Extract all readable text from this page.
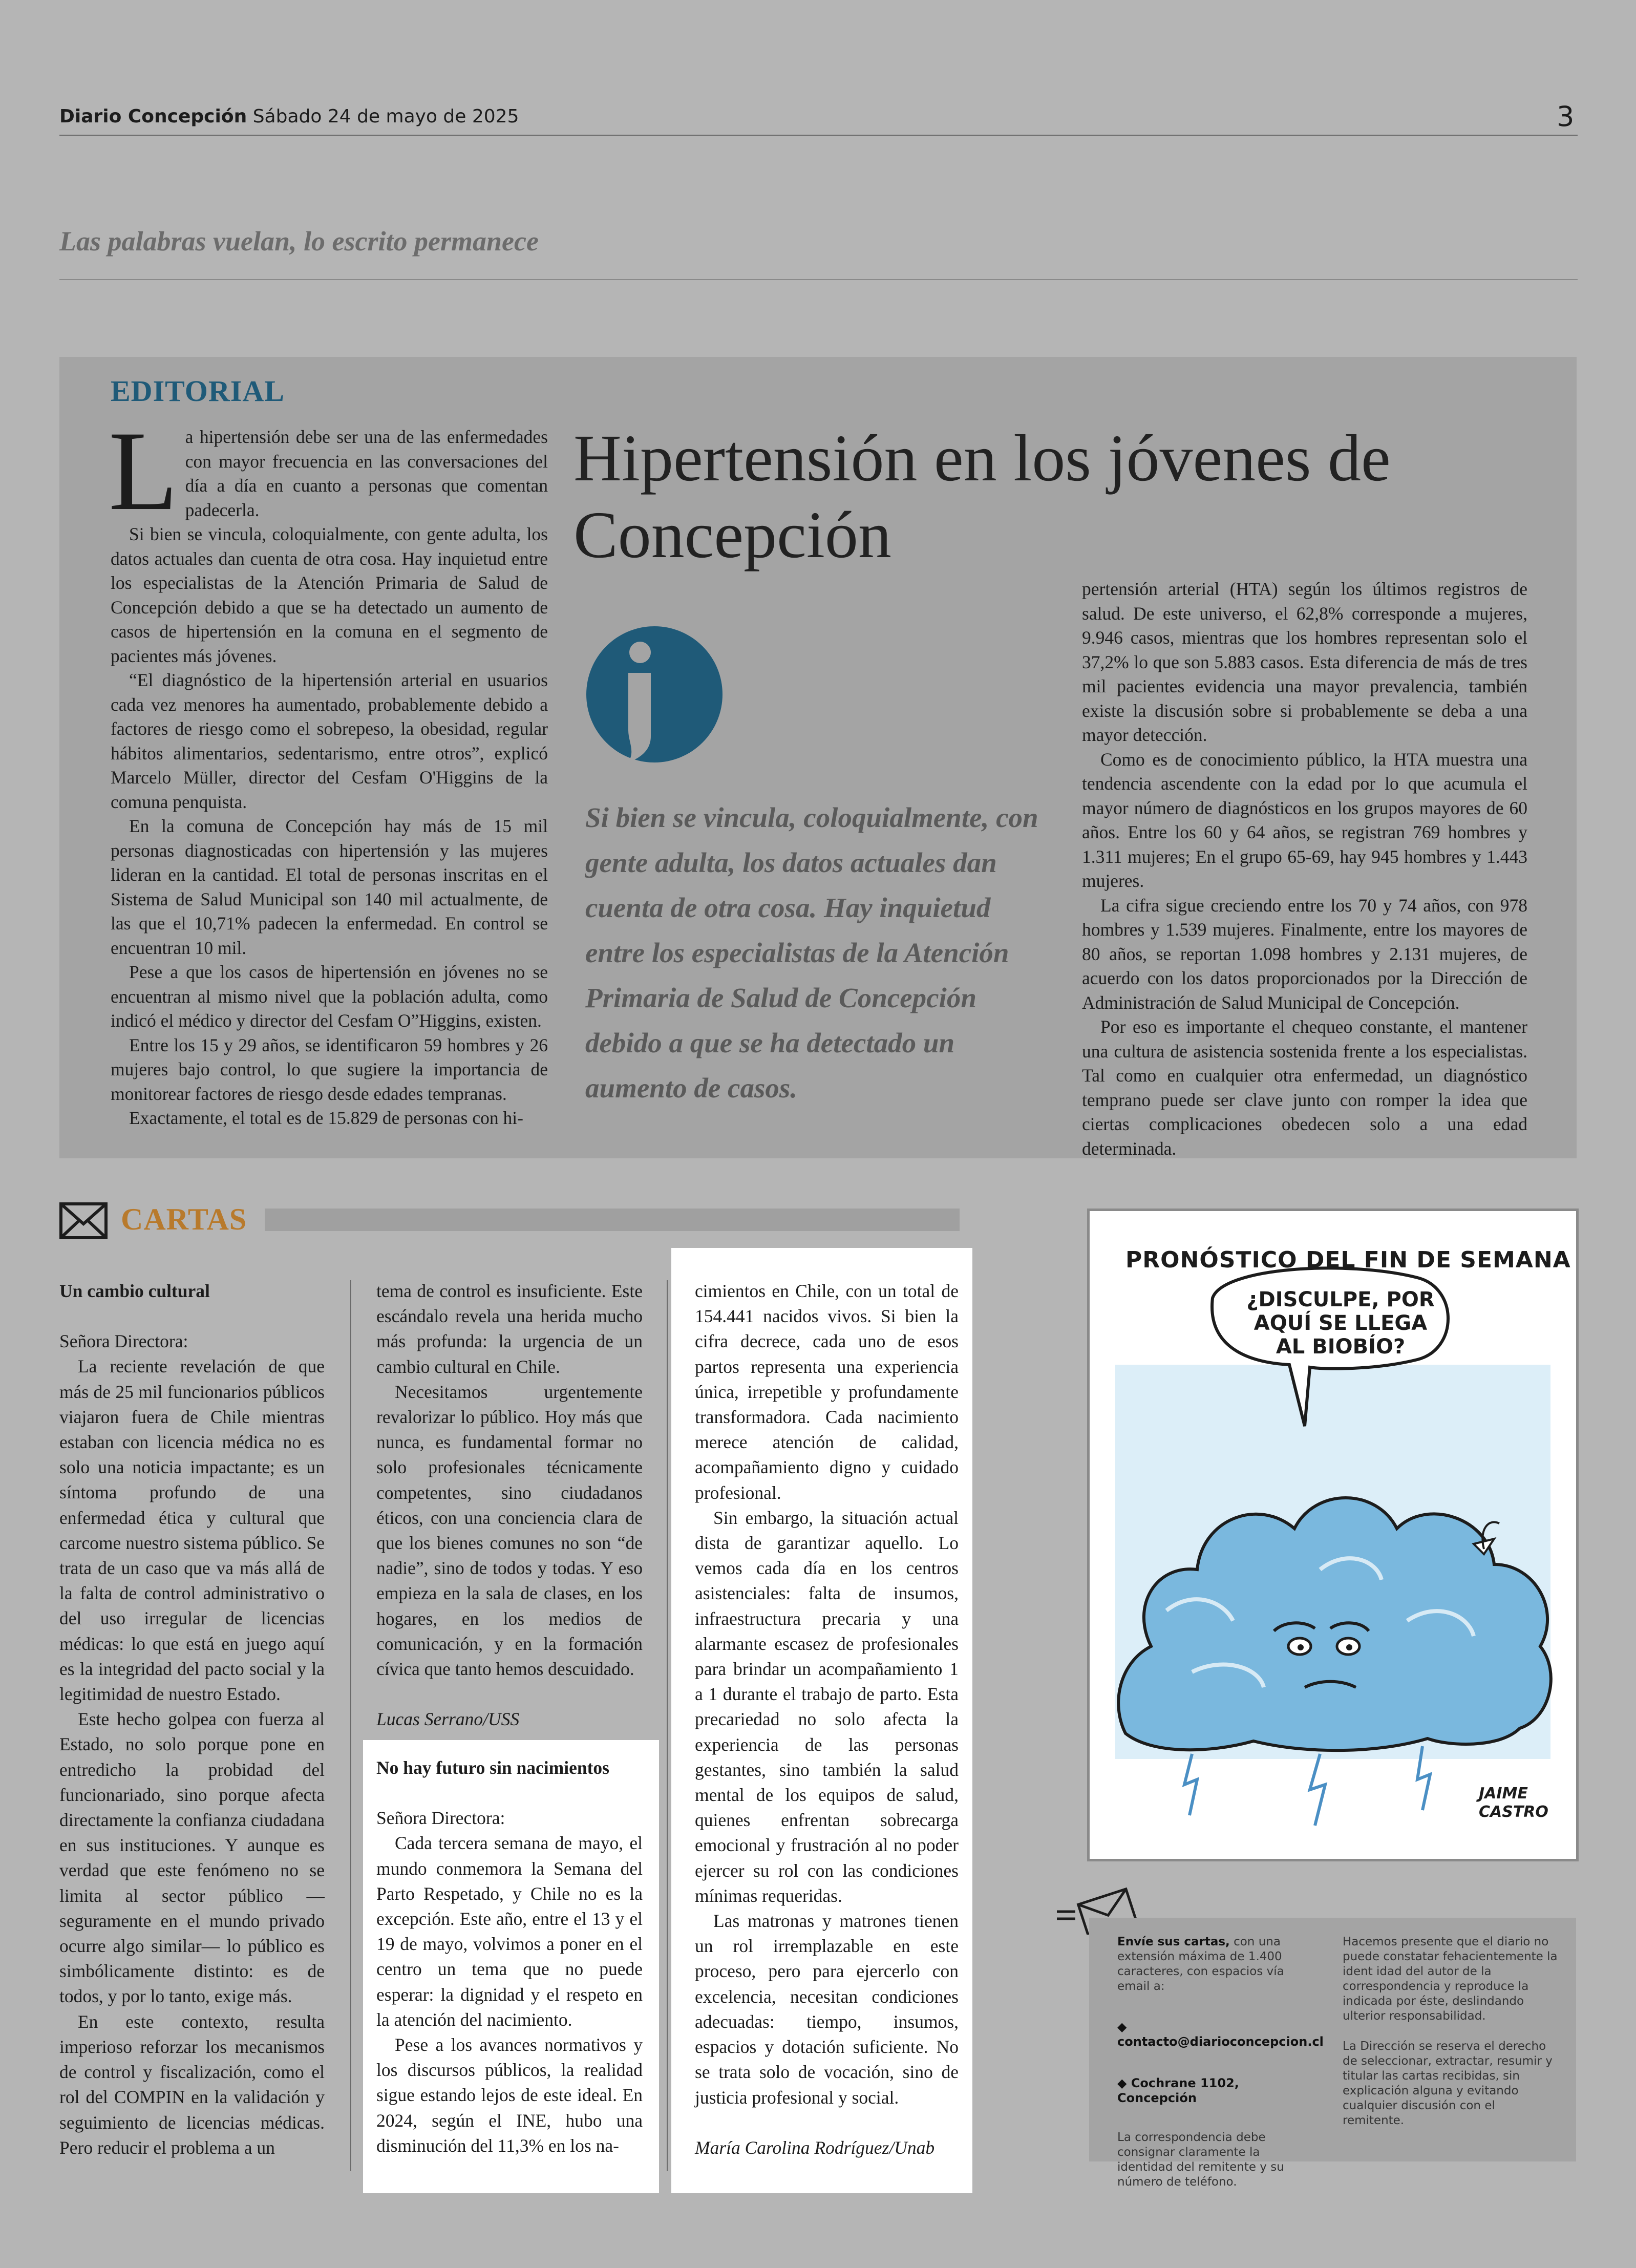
Diario Concepción Sábado 24 de mayo de 2025	3
Las palabras vuelan, lo escrito permanece
EDITORIAL
L a hipertensión debe ser una de las enfermedades con mayor frecuencia en las conversaciones del día a día en cuanto a personas que comentan padecerla.

Si bien se vincula, coloquialmente, con gente adulta, los datos actuales dan cuenta de otra cosa. Hay inquietud entre los especialistas de la Atención Primaria de Salud de Concepción debido a que se ha detectado un aumento de casos de hipertensión en la comuna en el segmento de pacientes más jóvenes.

“El diagnóstico de la hipertensión arterial en usuarios cada vez menores ha aumentado, probablemente debido a factores de riesgo como el sobrepeso, la obesidad, regular hábitos alimentarios, sedentarismo, entre otros”, explicó Marcelo Müller, director del Cesfam O'Higgins de la comuna penquista.

En la comuna de Concepción hay más de 15 mil personas diagnosticadas con hipertensión y las mujeres lideran en la cantidad. El total de personas inscritas en el Sistema de Salud Municipal son 140 mil actualmente, de las que el 10,71% padecen la enfermedad. En control se encuentran 10 mil.

Pese a que los casos de hipertensión en jóvenes no se encuentran al mismo nivel que la población adulta, como indicó el médico y director del Cesfam O”Higgins, existen.

Entre los 15 y 29 años, se identificaron 59 hombres y 26 mujeres bajo control, lo que sugiere la importancia de monitorear factores de riesgo desde edades tempranas.

Exactamente, el total es de 15.829 de personas con hi-

Hipertensión en los jóvenes de Concepción
Si bien se vincula, coloquialmente, con gente adulta, los datos actuales dan cuenta de otra cosa. Hay inquietud entre los especialistas de la Atención Primaria de Salud de Concepción debido a que se ha detectado un aumento de casos.

pertensión arterial (HTA) según los últimos registros de salud. De este universo, el 62,8% corresponde a mujeres, 9.946 casos, mientras que los hombres representan solo el 37,2% lo que son 5.883 casos. Esta diferencia de más de tres mil pacientes evidencia una mayor prevalencia, también existe la discusión sobre si probablemente se deba a una mayor detección.

Como es de conocimiento público, la HTA muestra una tendencia ascendente con la edad por lo que acumula el mayor número de diagnósticos en los grupos mayores de 60 años. Entre los 60 y 64 años, se registran 769 hombres y 1.311 mujeres; En el grupo 65-69, hay 945 hombres y 1.443 mujeres.

La cifra sigue creciendo entre los 70 y 74 años, con 978 hombres y 1.539 mujeres. Finalmente, entre los mayores de 80 años, se reportan 1.098 hombres y 2.131 mujeres, de acuerdo con los datos proporcionados por la Dirección de Administración de Salud Municipal de Concepción.

Por eso es importante el chequeo constante, el mantener una cultura de asistencia sostenida frente a los especialistas. Tal como en cualquier otra enfermedad, un diagnóstico temprano puede ser clave junto con romper la idea que ciertas complicaciones obedecen solo a una edad determinada.

CARTAS

Un cambio cultural

Señora Directora:

La reciente revelación de que más de 25 mil funcionarios públicos viajaron fuera de Chile mientras estaban con licencia médica no es solo una noticia impactante; es un síntoma profundo de una enfermedad ética y cultural que carcome nuestro sistema público. Se trata de un caso que va más allá de la falta de control administrativo o del uso irregular de licencias médicas: lo que está en juego aquí es la integridad del pacto social y la legitimidad de nuestro Estado.

Este hecho golpea con fuerza al Estado, no solo porque pone en entredicho la probidad del funcionariado, sino porque afecta directamente la confianza ciudadana en sus instituciones. Y aunque es verdad que este fenómeno no se limita al sector público —seguramente en el mundo privado ocurre algo similar— lo público es simbólicamente distinto: es de todos, y por lo tanto, exige más.

En este contexto, resulta imperioso reforzar los mecanismos de control y fiscalización, como el rol del COMPIN en la validación y seguimiento de licencias médicas. Pero reducir el problema a un

tema de control es insuficiente. Este escándalo revela una herida mucho más profunda: la urgencia de un cambio cultural en Chile.

Necesitamos urgentemente revalorizar lo público. Hoy más que nunca, es fundamental formar no solo profesionales técnicamente competentes, sino ciudadanos éticos, con una conciencia clara de que los bienes comunes no son “de nadie”, sino de todos y todas. Y eso empieza en la sala de clases, en los hogares, en los medios de comunicación, y en la formación cívica que tanto hemos descuidado.

Lucas Serrano/USS

No hay futuro sin nacimientos

Señora Directora:

Cada tercera semana de mayo, el mundo conmemora la Semana del Parto Respetado, y Chile no es la excepción. Este año, entre el 13 y el 19 de mayo, volvimos a poner en el centro un tema que no puede esperar: la dignidad y el respeto en la atención del nacimiento.

Pese a los avances normativos y los discursos públicos, la realidad sigue estando lejos de este ideal. En 2024, según el INE, hubo una disminución del 11,3% en los na-

cimientos en Chile, con un total de 154.441 nacidos vivos. Si bien la cifra decrece, cada uno de esos partos representa una experiencia única, irrepetible y profundamente transformadora. Cada nacimiento merece atención de calidad, acompañamiento digno y cuidado profesional.

Sin embargo, la situación actual dista de garantizar aquello. Lo vemos cada día en los centros asistenciales: falta de insumos, infraestructura precaria y una alarmante escasez de profesionales para brindar un acompañamiento 1 a 1 durante el trabajo de parto. Esta precariedad no solo afecta la experiencia de las personas gestantes, sino también la salud mental de los equipos de salud, quienes enfrentan sobrecarga emocional y frustración al no poder ejercer su rol con las condiciones mínimas requeridas.

Las matronas y matrones tienen un rol irremplazable en este proceso, pero para ejercerlo con excelencia, necesitan condiciones adecuadas: tiempo, insumos, espacios y dotación suficiente. No se trata solo de vocación, sino de justicia profesional y social.

María Carolina Rodríguez/Unab

PRONÓSTICO DEL FIN DE SEMANA
¿DISCULPE, POR AQUÍ SE LLEGA AL BIOBÍO?
JAIME CASTRO
Envíe sus cartas, con una extensión máxima de 1.400 caracteres, con espacios vía email a:
◆ contacto@diarioconcepcion.cl
◆ Cochrane 1102, Concepción
La correspondencia debe consignar claramente la identidad del remitente y su número de teléfono.
Hacemos presente que el diario no puede constatar fehacientemente la ident idad del autor de la correspondencia y reproduce la indicada por éste, deslindando ulterior responsabilidad.
La Dirección se reserva el derecho de seleccionar, extractar, resumir y titular las cartas recibidas, sin explicación alguna y evitando cualquier discusión con el remitente.
